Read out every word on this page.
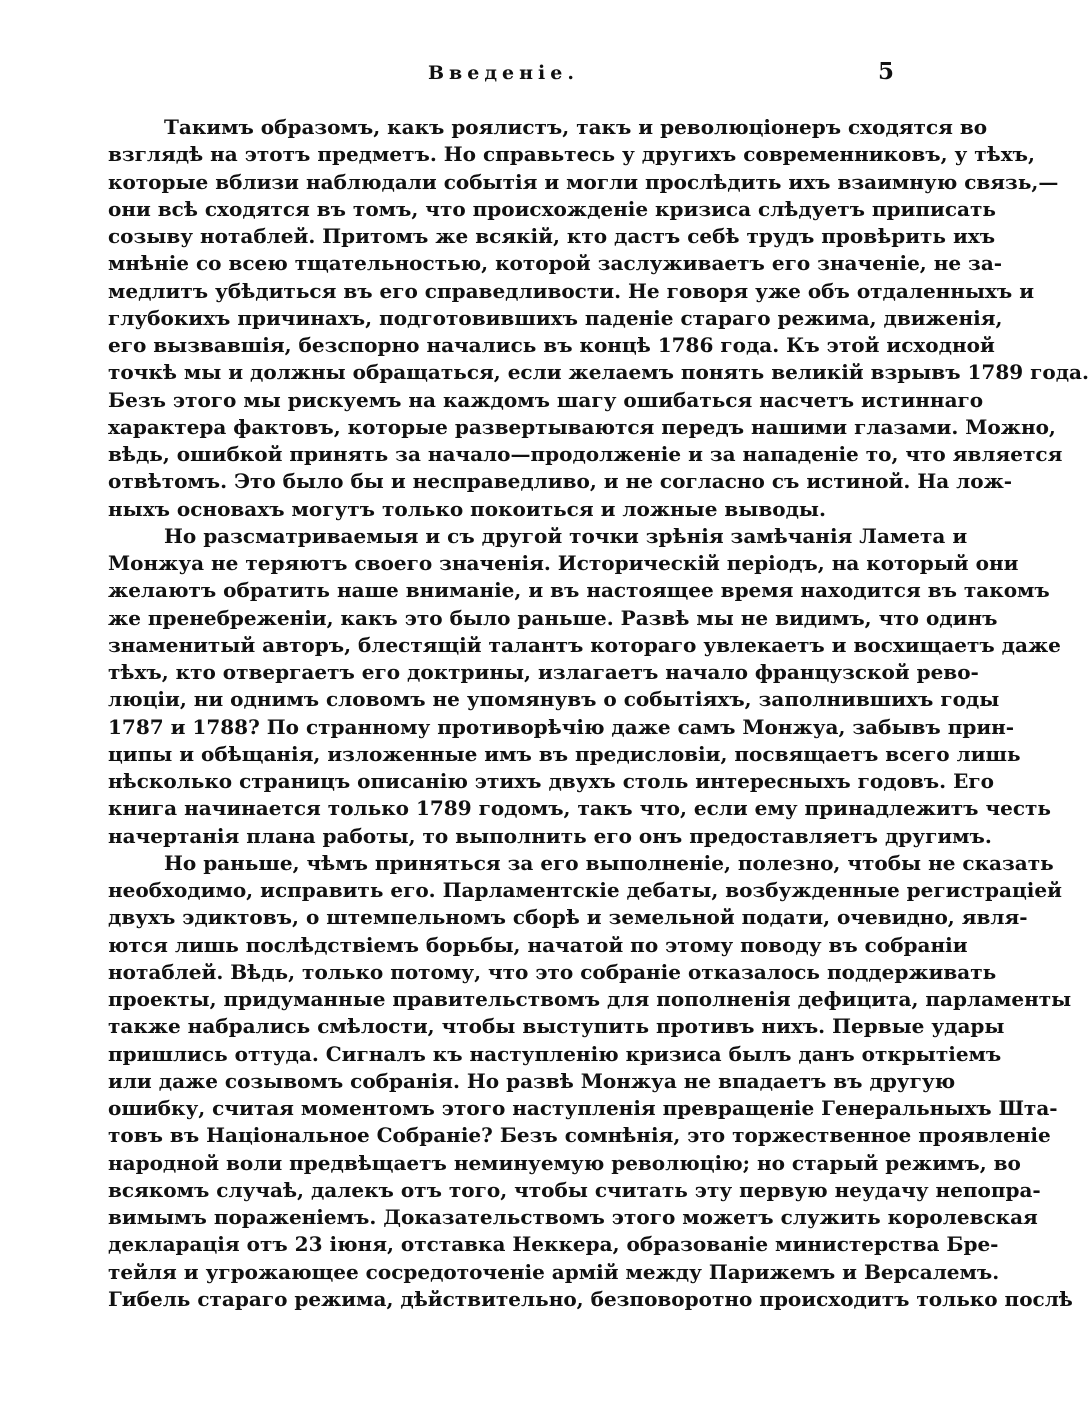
Введенiе.	5
Такимъ образомъ, какъ роялистъ, такъ и революцiонеръ сходятся во
взглядѣ на этотъ предметъ. Но справьтесь у другихъ современниковъ, у тѣхъ,
которые вблизи наблюдали событiя и могли прослѣдить ихъ взаимную связь,—
они всѣ сходятся въ томъ, что происхожденiе кризиса слѣдуетъ приписать
созыву нотаблей. Притомъ же всякiй, кто дастъ себѣ трудъ провѣрить ихъ
мнѣнiе со всею тщательностью, которой заслуживаетъ его значенiе, не за-
медлитъ убѣдиться въ его справедливости. Не говоря уже объ отдаленныхъ и
глубокихъ причинахъ, подготовившихъ паденiе стараго режима, движенiя,
его вызвавшiя, безспорно начались въ концѣ 1786 года. Къ этой исходной
точкѣ мы и должны обращаться, если желаемъ понять великiй взрывъ 1789 года.
Безъ этого мы рискуемъ на каждомъ шагу ошибаться насчетъ истиннаго
характера фактовъ, которые развертываются передъ нашими глазами. Можно,
вѣдь, ошибкой принять за начало—продолженiе и за нападенiе то, что является
отвѣтомъ. Это было бы и несправедливо, и не согласно съ истиной. На лож-
ныхъ основахъ могутъ только покоиться и ложные выводы.
Но разсматриваемыя и съ другой точки зрѣнiя замѣчанiя Ламета и
Монжуа не теряютъ своего значенiя. Историческiй перiодъ, на который они
желаютъ обратить наше вниманiе, и въ настоящее время находится въ такомъ
же пренебреженiи, какъ это было раньше. Развѣ мы не видимъ, что одинъ
знаменитый авторъ, блестящiй талантъ котораго увлекаетъ и восхищаетъ даже
тѣхъ, кто отвергаетъ его доктрины, излагаетъ начало французской рево-
люцiи, ни однимъ словомъ не упомянувъ о событiяхъ, заполнившихъ годы
1787 и 1788? По странному противорѣчiю даже самъ Монжуа, забывъ прин-
ципы и обѣщанiя, изложенные имъ въ предисловiи, посвящаетъ всего лишь
нѣсколько страницъ описанiю этихъ двухъ столь интересныхъ годовъ. Его
книга начинается только 1789 годомъ, такъ что, если ему принадлежитъ честь
начертанiя плана работы, то выполнить его онъ предоставляетъ другимъ.
Но раньше, чѣмъ приняться за его выполненiе, полезно, чтобы не сказать
необходимо, исправить его. Парламентскiе дебаты, возбужденные регистрацiей
двухъ эдиктовъ, о штемпельномъ сборѣ и земельной подати, очевидно, явля-
ются лишь послѣдствiемъ борьбы, начатой по этому поводу въ собранiи
нотаблей. Вѣдь, только потому, что это собранiе отказалось поддерживать
проекты, придуманные правительствомъ для пополненiя дефицита, парламенты
также набрались смѣлости, чтобы выступить противъ нихъ. Первые удары
пришлись оттуда. Сигналъ къ наступленiю кризиса былъ данъ открытiемъ
или даже созывомъ собранiя. Но развѣ Монжуа не впадаетъ въ другую
ошибку, считая моментомъ этого наступленiя превращенiе Генеральныхъ Шта-
товъ въ Нацiональное Собранiе? Безъ сомнѣнiя, это торжественное проявленiе
народной воли предвѣщаетъ неминуемую революцiю; но старый режимъ, во
всякомъ случаѣ, далекъ отъ того, чтобы считать эту первую неудачу непопра-
вимымъ пораженiемъ. Доказательствомъ этого можетъ служить королевская
декларацiя отъ 23 iюня, отставка Неккера, образованiе министерства Бре-
тейля и угрожающее сосредоточенiе армiй между Парижемъ и Версалемъ.
Гибель стараго режима, дѣйствительно, безповоротно происходитъ только послѣ
